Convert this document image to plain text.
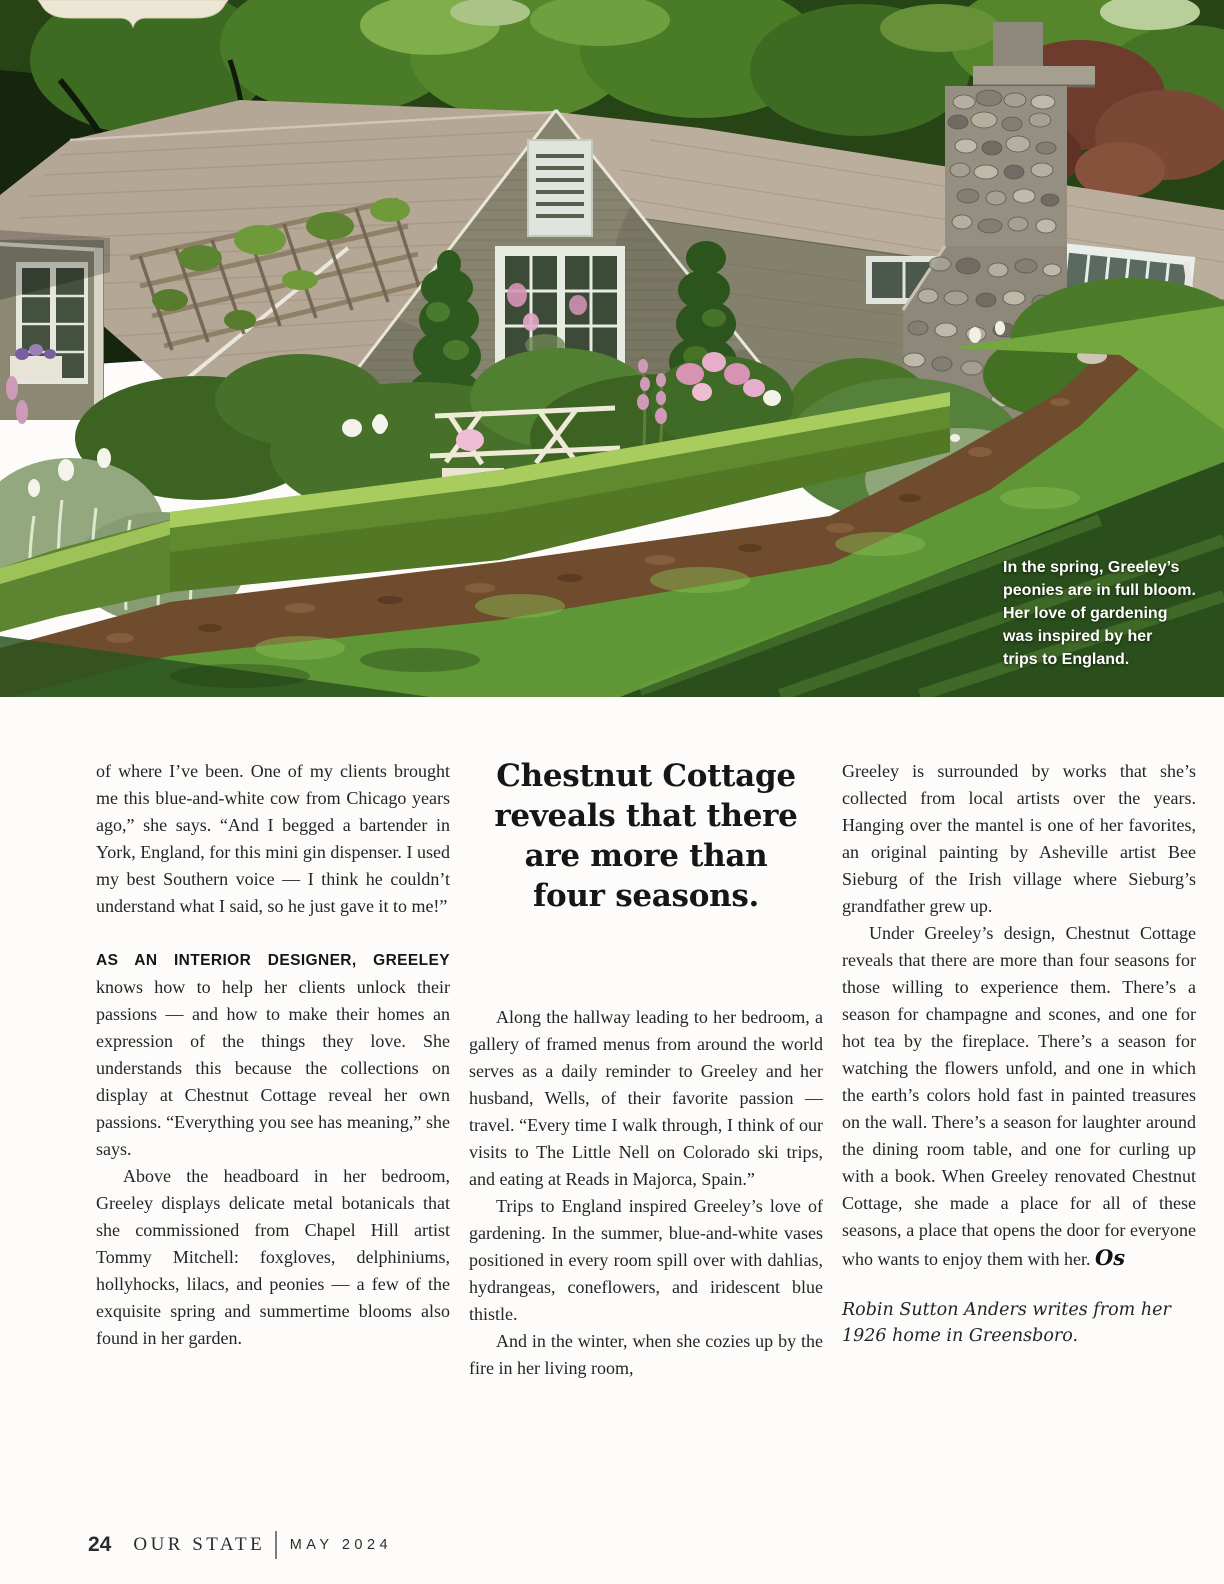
In the spring, Greeley’s
peonies are in full bloom.
Her love of gardening
was inspired by her
trips to England.

of where I’ve been. One of my clients brought me this blue-and-white cow from Chicago years ago,” she says. “And I begged a bartender in York, England, for this mini gin dispenser. I used my best Southern voice — I think he couldn’t understand what I said, so he just gave it to me!”

AS AN INTERIOR DESIGNER, GREELEY knows how to help her clients unlock their passions — and how to make their homes an expression of the things they love. She understands this because the collections on display at Chestnut Cottage reveal her own passions. “Everything you see has meaning,” she says.

Above the headboard in her bedroom, Greeley displays delicate metal botanicals that she commissioned from Chapel Hill artist Tommy Mitchell: foxgloves, delphiniums, hollyhocks, lilacs, and peonies — a few of the exquisite spring and summertime blooms also found in her garden.

Chestnut Cottage
reveals that there
are more than
four seasons.

Along the hallway leading to her bedroom, a gallery of framed menus from around the world serves as a daily reminder to Greeley and her husband, Wells, of their favorite passion — travel. “Every time I walk through, I think of our visits to The Little Nell on Colorado ski trips, and eating at Reads in Majorca, Spain.”

Trips to England inspired Greeley’s love of gardening. In the summer, blue-and-white vases positioned in every room spill over with dahlias, hydrangeas, coneflowers, and iridescent blue thistle.

And in the winter, when she cozies up by the fire in her living room,

Greeley is surrounded by works that she’s collected from local artists over the years. Hanging over the mantel is one of her favorites, an original painting by Asheville artist Bee Sieburg of the Irish village where Sieburg’s grandfather grew up.

Under Greeley’s design, Chestnut Cottage reveals that there are more than four seasons for those willing to experience them. There’s a season for champagne and scones, and one for hot tea by the fireplace. There’s a season for watching the flowers unfold, and one in which the earth’s colors hold fast in painted treasures on the wall. There’s a season for laughter around the dining room table, and one for curling up with a book. When Greeley renovated Chestnut Cottage, she made a place for all of these seasons, a place that opens the door for everyone who wants to enjoy them with her. Os

Robin Sutton Anders writes from her 1926 home in Greensboro.

24 OUR STATE MAY 2024
